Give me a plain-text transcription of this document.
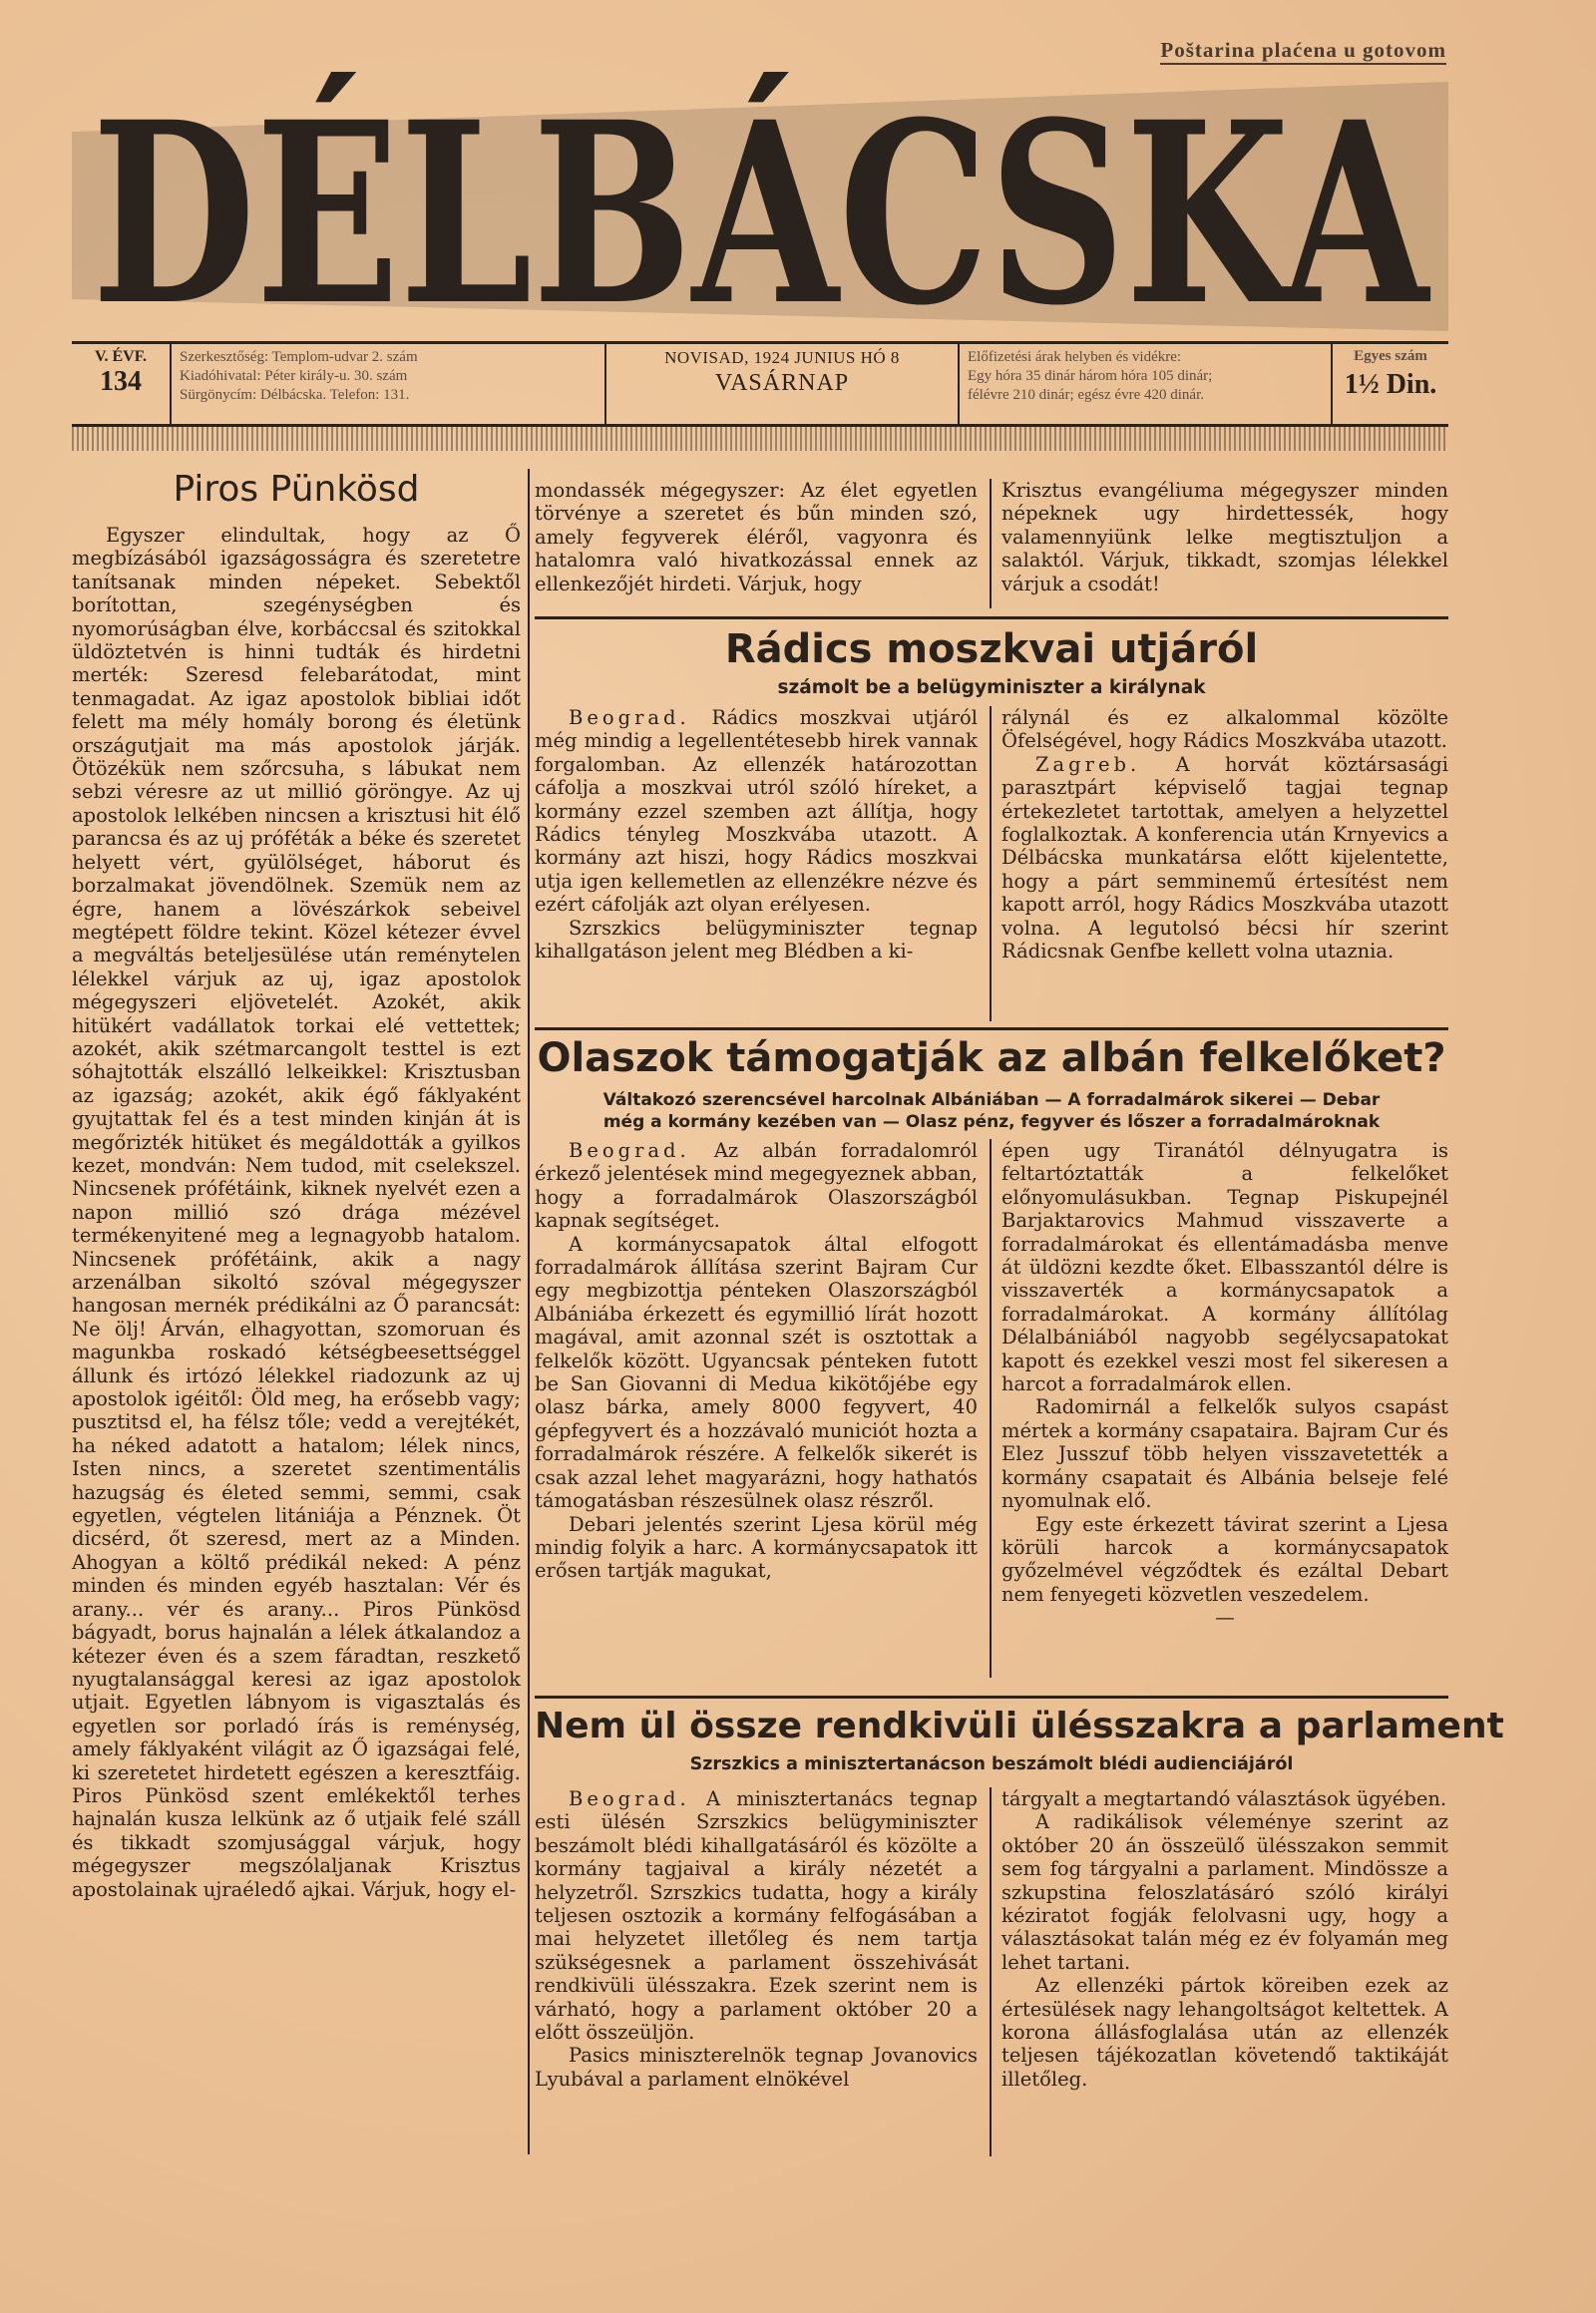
Poštarina plaćena u gotovom
DÉLBÁCSKA
V. ÉVF.
134
Szerkesztőség: Templom-udvar 2. szám
Kiadóhivatal: Péter király-u. 30. szám
Sürgönycím: Délbácska. Telefon: 131.
NOVISAD, 1924 JUNIUS HÓ 8
VASÁRNAP
Előfizetési árak helyben és vidékre:
Egy hóra 35 dinár három hóra 105 dinár;
félévre 210 dinár; egész évre 420 dinár.
Egyes szám
1½ Din.
Piros Pünkösd

Egyszer elindultak, hogy az Ő megbízásából igazságosságra és szeretetre tanítsanak minden népeket. Sebektől borítottan, szegénységben és nyomorúságban élve, korbáccsal és szitokkal üldöztetvén is hinni tudták és hirdetni merték: Szeresd felebarátodat, mint tenmagadat. Az igaz apostolok bibliai időt felett ma mély homály borong és életünk országutjait ma más apostolok járják. Ötözékük nem szőrcsuha, s lábukat nem sebzi véresre az ut millió göröngye. Az uj apostolok lelkében nincsen a krisztusi hit élő parancsa és az uj próféták a béke és szeretet helyett vért, gyülölséget, háborut és borzalmakat jövendölnek. Szemük nem az égre, hanem a lövészárkok sebeivel megtépett földre tekint. Közel kétezer évvel a megváltás beteljesülése után reménytelen lélekkel várjuk az uj, igaz apostolok mégegyszeri eljövetelét. Azokét, akik hitükért vadállatok torkai elé vettettek; azokét, akik szétmarcangolt testtel is ezt sóhajtották elszálló lelkeikkel: Krisztusban az igazság; azokét, akik égő fáklyaként gyujtattak fel és a test minden kinján át is megőrizték hitüket és megáldották a gyilkos kezet, mondván: Nem tudod, mit cselekszel. Nincsenek prófétáink, kiknek nyelvét ezen a napon millió szó drága mézével termékenyitené meg a legnagyobb hatalom. Nincsenek prófétáink, akik a nagy arzenálban sikoltó szóval mégegyszer hangosan mernék prédikálni az Ő parancsát: Ne ölj! Árván, elhagyottan, szomoruan és magunkba roskadó kétségbeesettséggel állunk és irtózó lélekkel riadozunk az uj apostolok igéitől: Öld meg, ha erősebb vagy; pusztitsd el, ha félsz tőle; vedd a verejtékét, ha néked adatott a hatalom; lélek nincs, Isten nincs, a szeretet szentimentális hazugság és életed semmi, semmi, csak egyetlen, végtelen litániája a Pénznek. Öt dicsérd, őt szeresd, mert az a Minden. Ahogyan a költő prédikál neked: A pénz minden és minden egyéb hasztalan: Vér és arany... vér és arany... Piros Pünkösd bágyadt, borus hajnalán a lélek átkalandoz a kétezer éven és a szem fáradtan, reszkető nyugtalansággal keresi az igaz apostolok utjait. Egyetlen lábnyom is vigasztalás és egyetlen sor porladó írás is reménység, amely fáklyaként világit az Ő igazságai felé, ki szeretetet hirdetett egészen a keresztfáig. Piros Pünkösd szent emlékektől terhes hajnalán kusza lelkünk az ő utjaik felé száll és tikkadt szomjusággal várjuk, hogy mégegyszer megszólaljanak Krisztus apostolainak ujraéledő ajkai. Várjuk, hogy el-

mondassék mégegyszer: Az élet egyetlen törvénye a szeretet és bűn minden szó, amely fegyverek éléről, vagyonra és hatalomra való hivatkozással ennek az ellenkezőjét hirdeti. Várjuk, hogy

Krisztus evangéliuma mégegyszer minden népeknek ugy hirdettessék, hogy valamennyiünk lelke megtisztuljon a salaktól. Várjuk, tikkadt, szomjas lélekkel várjuk a csodát!

Rádics moszkvai utjáról
számolt be a belügyminiszter a királynak

Beograd. Rádics moszkvai utjáról még mindig a legellentétesebb hirek vannak forgalomban. Az ellenzék határozottan cáfolja a moszkvai utról szóló híreket, a kormány ezzel szemben azt állítja, hogy Rádics tényleg Moszkvába utazott. A kormány azt hiszi, hogy Rádics moszkvai utja igen kellemetlen az ellenzékre nézve és ezért cáfolják azt olyan erélyesen.

Szrszkics belügyminiszter tegnap kihallgatáson jelent meg Blédben a ki-

rálynál és ez alkalommal közölte Öfelségével, hogy Rádics Moszkvába utazott.

Zagreb. A horvát köztársasági parasztpárt képviselő tagjai tegnap értekezletet tartottak, amelyen a helyzettel foglalkoztak. A konferencia után Krnyevics a Délbácska munkatársa előtt kijelentette, hogy a párt semminemű értesítést nem kapott arról, hogy Rádics Moszkvába utazott volna. A legutolsó bécsi hír szerint Rádicsnak Genfbe kellett volna utaznia.

Olaszok támogatják az albán felkelőket?
Váltakozó szerencsével harcolnak Albániában — A forradalmárok sikerei — Debar
még a kormány kezében van — Olasz pénz, fegyver és lőszer a forradalmároknak

Beograd. Az albán forradalomról érkező jelentések mind megegyeznek abban, hogy a forradalmárok Olaszországból kapnak segítséget.

A kormánycsapatok által elfogott forradalmárok állítása szerint Bajram Cur egy megbizottja pénteken Olaszországból Albániába érkezett és egymillió lírát hozott magával, amit azonnal szét is osztottak a felkelők között. Ugyancsak pénteken futott be San Giovanni di Medua kikötőjébe egy olasz bárka, amely 8000 fegyvert, 40 gépfegyvert és a hozzávaló municiót hozta a forradalmárok részére. A felkelők sikerét is csak azzal lehet magyarázni, hogy hathatós támogatásban részesülnek olasz részről.

Debari jelentés szerint Ljesa körül még mindig folyik a harc. A kormánycsapatok itt erősen tartják magukat,

épen ugy Tiranától délnyugatra is feltartóztatták a felkelőket előnyomulásukban. Tegnap Piskupejnél Barjaktarovics Mahmud visszaverte a forradalmárokat és ellentámadásba menve át üldözni kezdte őket. Elbasszantól délre is visszaverték a kormánycsapatok a forradalmárokat. A kormány állítólag Délalbániából nagyobb segélycsapatokat kapott és ezekkel veszi most fel sikeresen a harcot a forradalmárok ellen.

Radomirnál a felkelők sulyos csapást mértek a kormány csapataira. Bajram Cur és Elez Jusszuf több helyen visszavetették a kormány csapatait és Albánia belseje felé nyomulnak elő.

Egy este érkezett távirat szerint a Ljesa körüli harcok a kormánycsapatok győzelmével végződtek és ezáltal Debart nem fenyegeti közvetlen veszedelem.

—
Nem ül össze rendkivüli ülésszakra a parlament
Szrszkics a minisztertanácson beszámolt blédi audienciájáról

Beograd. A minisztertanács tegnap esti ülésén Szrszkics belügyminiszter beszámolt blédi kihallgatásáról és közölte a kormány tagjaival a király nézetét a helyzetről. Szrszkics tudatta, hogy a király teljesen osztozik a kormány felfogásában a mai helyzetet illetőleg és nem tartja szükségesnek a parlament összehivását rendkivüli ülésszakra. Ezek szerint nem is várható, hogy a parlament október 20 a előtt összeüljön.

Pasics miniszterelnök tegnap Jovanovics Lyubával a parlament elnökével

tárgyalt a megtartandó választások ügyében.

A radikálisok véleménye szerint az október 20 án összeülő ülésszakon semmit sem fog tárgyalni a parlament. Mindössze a szkupstina feloszlatásáró szóló királyi kéziratot fogják felolvasni ugy, hogy a választásokat talán még ez év folyamán meg lehet tartani.

Az ellenzéki pártok köreiben ezek az értesülések nagy lehangoltságot keltettek. A korona állásfoglalása után az ellenzék teljesen tájékozatlan követendő taktikáját illetőleg.
